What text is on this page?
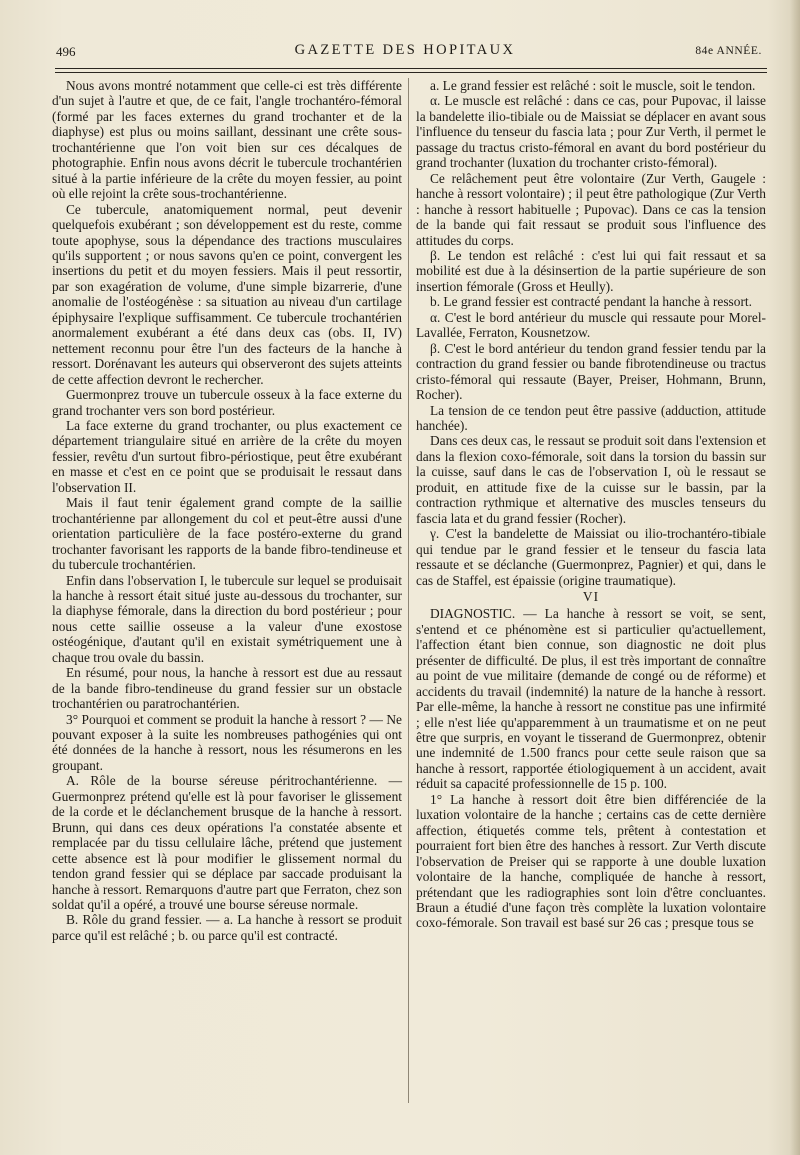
496	GAZETTE DES HOPITAUX	84e ANNÉE.

Nous avons montré notamment que celle-ci est très différente d'un sujet à l'autre et que, de ce fait, l'angle trochantéro-fémoral (formé par les faces externes du grand trochanter et de la diaphyse) est plus ou moins saillant, dessinant une crête sous-trochantérienne que l'on voit bien sur ces décalques de photographie. Enfin nous avons décrit le tubercule trochantérien situé à la partie inférieure de la crête du moyen fessier, au point où elle rejoint la crête sous-trochantérienne.

Ce tubercule, anatomiquement normal, peut devenir quelquefois exubérant ; son développement est du reste, comme toute apophyse, sous la dépendance des tractions musculaires qu'ils supportent ; or nous savons qu'en ce point, convergent les insertions du petit et du moyen fessiers. Mais il peut ressortir, par son exagération de volume, d'une simple bizarrerie, d'une anomalie de l'ostéogénèse : sa situation au niveau d'un cartilage épiphysaire l'explique suffisamment. Ce tubercule trochantérien anormalement exubérant a été dans deux cas (obs. II, IV) nettement reconnu pour être l'un des facteurs de la hanche à ressort. Dorénavant les auteurs qui observeront des sujets atteints de cette affection devront le rechercher.

Guermonprez trouve un tubercule osseux à la face externe du grand trochanter vers son bord postérieur.

La face externe du grand trochanter, ou plus exactement ce département triangulaire situé en arrière de la crête du moyen fessier, revêtu d'un surtout fibro-périostique, peut être exubérant en masse et c'est en ce point que se produisait le ressaut dans l'observation II.

Mais il faut tenir également grand compte de la saillie trochantérienne par allongement du col et peut-être aussi d'une orientation particulière de la face postéro-externe du grand trochanter favorisant les rapports de la bande fibro-tendineuse et du tubercule trochantérien.

Enfin dans l'observation I, le tubercule sur lequel se produisait la hanche à ressort était situé juste au-dessous du trochanter, sur la diaphyse fémorale, dans la direction du bord postérieur ; pour nous cette saillie osseuse a la valeur d'une exostose ostéogénique, d'autant qu'il en existait symétriquement une à chaque trou ovale du bassin.

En résumé, pour nous, la hanche à ressort est due au ressaut de la bande fibro-tendineuse du grand fessier sur un obstacle trochantérien ou paratrochantérien.

3° Pourquoi et comment se produit la hanche à ressort ? — Ne pouvant exposer à la suite les nombreuses pathogénies qui ont été données de la hanche à ressort, nous les résumerons en les groupant.

A. Rôle de la bourse séreuse péritrochantérienne. — Guermonprez prétend qu'elle est là pour favoriser le glissement de la corde et le déclanchement brusque de la hanche à ressort. Brunn, qui dans ces deux opérations l'a constatée absente et remplacée par du tissu cellulaire lâche, prétend que justement cette absence est là pour modifier le glissement normal du tendon grand fessier qui se déplace par saccade produisant la hanche à ressort. Remarquons d'autre part que Ferraton, chez son soldat qu'il a opéré, a trouvé une bourse séreuse normale.

B. Rôle du grand fessier. — a. La hanche à ressort se produit parce qu'il est relâché ; b. ou parce qu'il est contracté.

a. Le grand fessier est relâché : soit le muscle, soit le tendon.

α. Le muscle est relâché : dans ce cas, pour Pupovac, il laisse la bandelette ilio-tibiale ou de Maissiat se déplacer en avant sous l'influence du tenseur du fascia lata ; pour Zur Verth, il permet le passage du tractus cristo-fémoral en avant du bord postérieur du grand trochanter (luxation du trochanter cristo-fémoral).

Ce relâchement peut être volontaire (Zur Verth, Gaugele : hanche à ressort volontaire) ; il peut être pathologique (Zur Verth : hanche à ressort habituelle ; Pupovac). Dans ce cas la tension de la bande qui fait ressaut se produit sous l'influence des attitudes du corps.

β. Le tendon est relâché : c'est lui qui fait ressaut et sa mobilité est due à la désinsertion de la partie supérieure de son insertion fémorale (Gross et Heully).

b. Le grand fessier est contracté pendant la hanche à ressort.

α. C'est le bord antérieur du muscle qui ressaute pour Morel-Lavallée, Ferraton, Kousnetzow.

β. C'est le bord antérieur du tendon grand fessier tendu par la contraction du grand fessier ou bande fibrotendineuse ou tractus cristo-fémoral qui ressaute (Bayer, Preiser, Hohmann, Brunn, Rocher).

La tension de ce tendon peut être passive (adduction, attitude hanchée).

Dans ces deux cas, le ressaut se produit soit dans l'extension et dans la flexion coxo-fémorale, soit dans la torsion du bassin sur la cuisse, sauf dans le cas de l'observation I, où le ressaut se produit, en attitude fixe de la cuisse sur le bassin, par la contraction rythmique et alternative des muscles tenseurs du fascia lata et du grand fessier (Rocher).

γ. C'est la bandelette de Maissiat ou ilio-trochantéro-tibiale qui tendue par le grand fessier et le tenseur du fascia lata ressaute et se déclanche (Guermonprez, Pagnier) et qui, dans le cas de Staffel, est épaissie (origine traumatique).

VI

DIAGNOSTIC. — La hanche à ressort se voit, se sent, s'entend et ce phénomène est si particulier qu'actuellement, l'affection étant bien connue, son diagnostic ne doit plus présenter de difficulté. De plus, il est très important de connaître au point de vue militaire (demande de congé ou de réforme) et accidents du travail (indemnité) la nature de la hanche à ressort. Par elle-même, la hanche à ressort ne constitue pas une infirmité ; elle n'est liée qu'apparemment à un traumatisme et on ne peut être que surpris, en voyant le tisserand de Guermonprez, obtenir une indemnité de 1.500 francs pour cette seule raison que sa hanche à ressort, rapportée étiologiquement à un accident, avait réduit sa capacité professionnelle de 15 p. 100.

1° La hanche à ressort doit être bien différenciée de la luxation volontaire de la hanche ; certains cas de cette dernière affection, étiquetés comme tels, prêtent à contestation et pourraient fort bien être des hanches à ressort. Zur Verth discute l'observation de Preiser qui se rapporte à une double luxation volontaire de la hanche, compliquée de hanche à ressort, prétendant que les radiographies sont loin d'être concluantes. Braun a étudié d'une façon très complète la luxation volontaire coxo-fémorale. Son travail est basé sur 26 cas ; presque tous se
